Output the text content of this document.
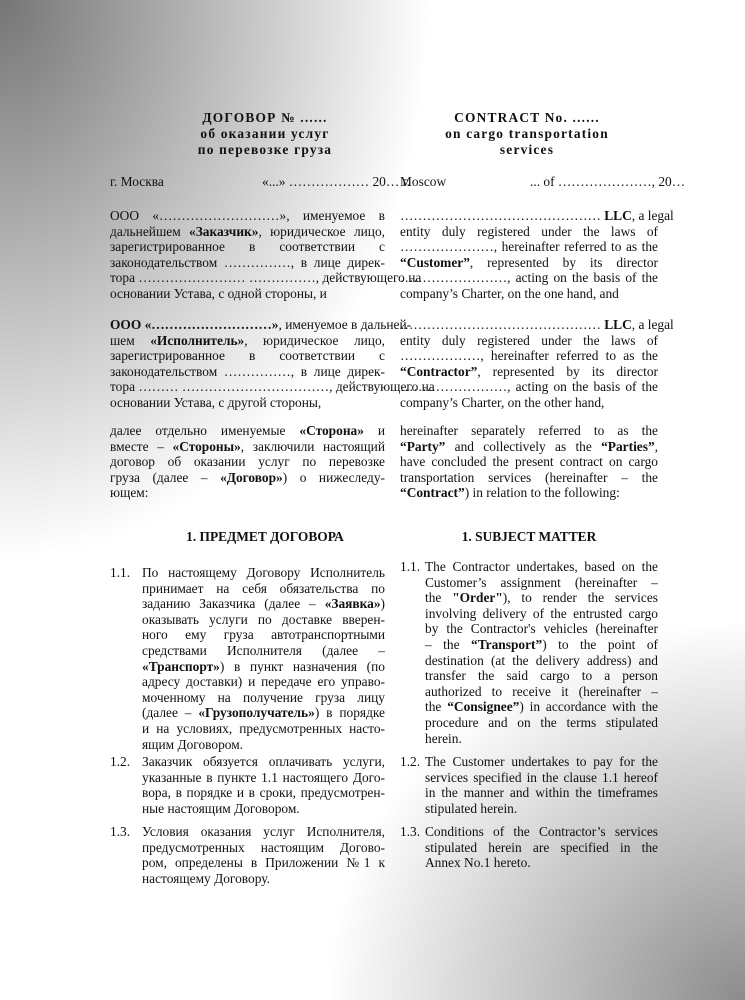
ДОГОВОР № ......
об оказании услуг
по перевозке груза
г. Москва	«...» ……………… 20… г.
ООО «………………………», именуемое в
дальнейшем «Заказчик», юридическое лицо,
зарегистрированное в соответствии с
законодательством ……………, в лице дирек-
тора …………………… ……………, действующего на
основании Устава, с одной стороны, и
ООО «………………………», именуемое в дальней-
шем «Исполнитель», юридическое лицо,
зарегистрированное в соответствии с
законодательством ……………, в лице дирек-
тора ……… ……………………………, действующего на
основании Устава, с другой стороны,
далее отдельно именуемые «Сторона» и
вместе – «Стороны», заключили настоящий
договор об оказании услуг по перевозке
груза (далее – «Договор») о нижеследу-
ющем:
1. ПРЕДМЕТ ДОГОВОРА
1.1. По настоящему Договору Исполнитель
принимает на себя обязательства по
заданию Заказчика (далее – «Заявка»)
оказывать услуги по доставке вверен-
ного ему груза автотранспортными
средствами Исполнителя (далее –
«Транспорт») в пункт назначения (по
адресу доставки) и передаче его управо-
моченному на получение груза лицу
(далее – «Грузополучатель») в порядке
и на условиях, предусмотренных насто-
ящим Договором.
1.2. Заказчик обязуется оплачивать услуги,
указанные в пункте 1.1 настоящего Дого-
вора, в порядке и в сроки, предусмотрен-
ные настоящим Договором.
1.3. Условия оказания услуг Исполнителя,
предусмотренных настоящим Догово-
ром, определены в Приложении №1 к
настоящему Договору.
CONTRACT No. ......
on cargo transportation
services
Moscow	... of …………………, 20…
……………………………………… LLC, a legal
entity duly registered under the laws of
…………………, hereinafter referred to as the
“Customer”, represented by its director
……………………, acting on the basis of the
company’s Charter, on the one hand, and
……………………………………… LLC, a legal
entity duly registered under the laws of
………………, hereinafter referred to as the
“Contractor”, represented by its director
……………………, acting on the basis of the
company’s Charter, on the other hand,
hereinafter separately referred to as the
“Party” and collectively as the “Parties”,
have concluded the present contract on cargo
transportation services (hereinafter – the
“Contract”) in relation to the following:
1. SUBJECT MATTER
1.1. The Contractor undertakes, based on the
Customer’s assignment (hereinafter –
the "Order"), to render the services
involving delivery of the entrusted cargo
by the Contractor's vehicles (hereinafter
– the “Transport”) to the point of
destination (at the delivery address) and
transfer the said cargo to a person
authorized to receive it (hereinafter –
the “Consignee”) in accordance with the
procedure and on the terms stipulated
herein.
1.2. The Customer undertakes to pay for the
services specified in the clause 1.1 hereof
in the manner and within the timeframes
stipulated herein.
1.3. Conditions of the Contractor’s services
stipulated herein are specified in the
Annex No.1 hereto.
